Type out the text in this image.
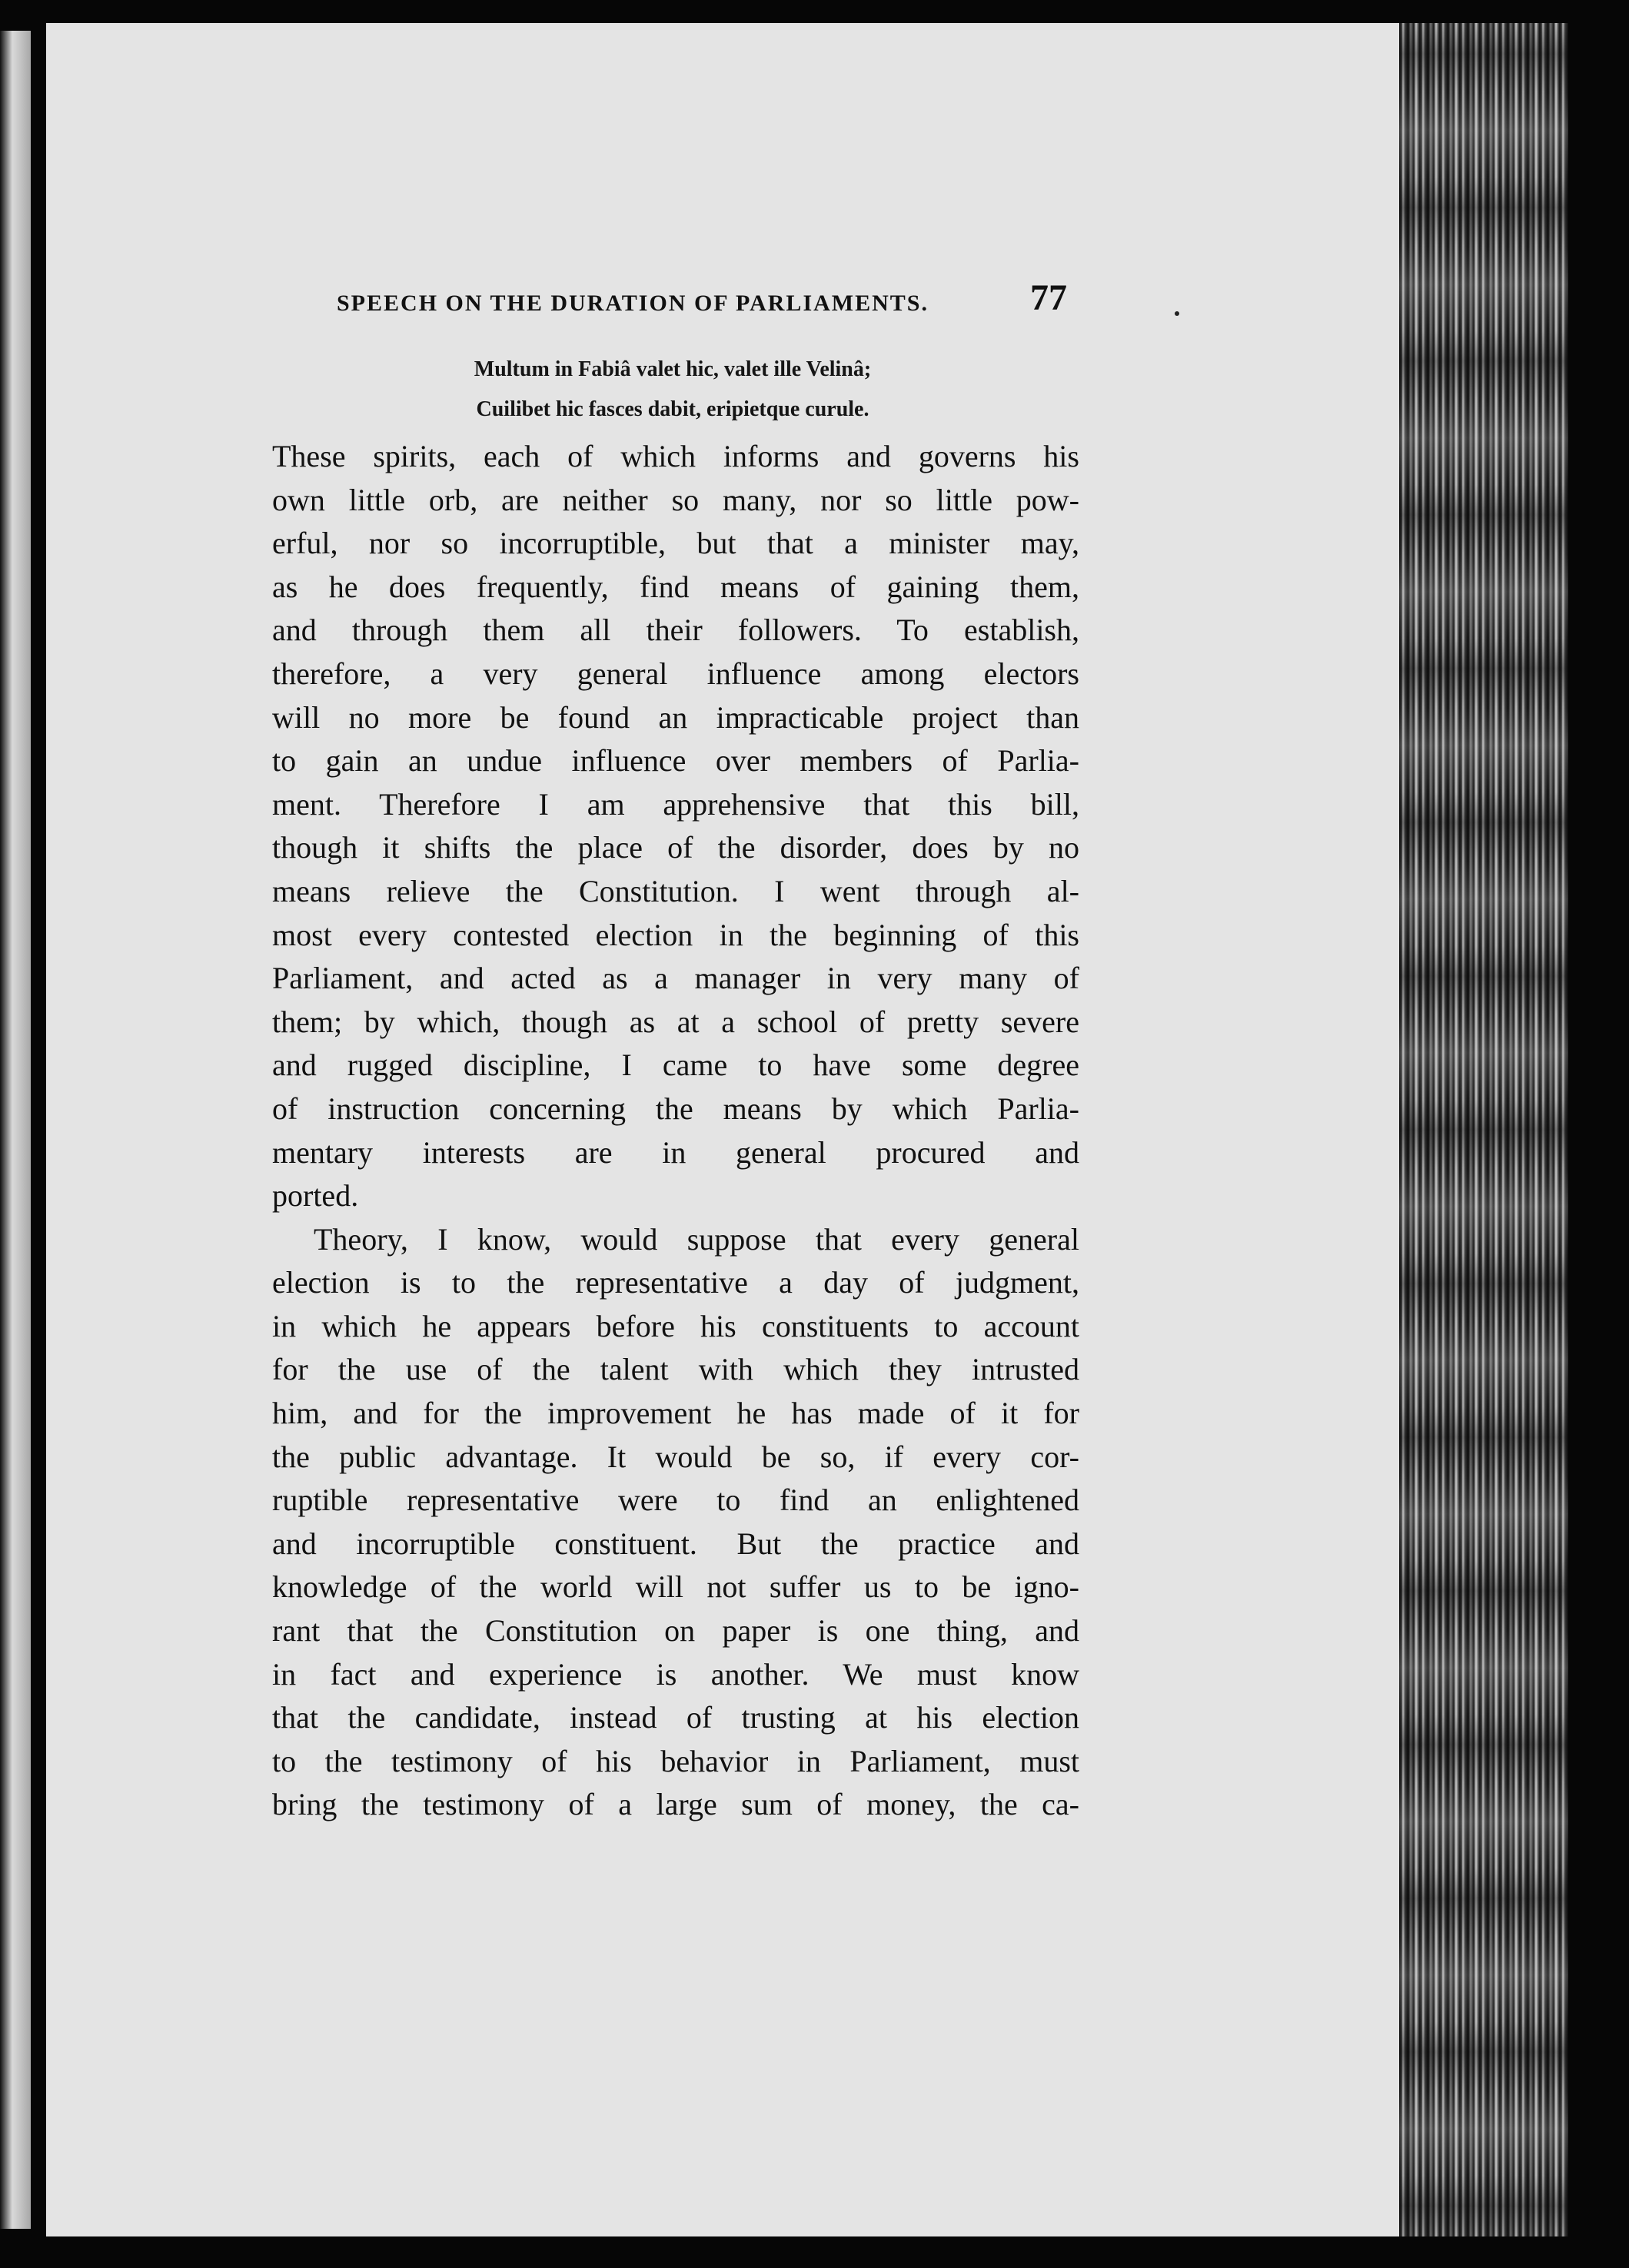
SPEECH ON THE DURATION OF PARLIAMENTS.	77
Multum in Fabiâ valet hic, valet ille Velinâ;
Cuilibet hic fasces dabit, eripietque curule.

These spirits, each of which informs and governs his
own little orb, are neither so many, nor so little pow-
erful, nor so incorruptible, but that a minister may,
as he does frequently, find means of gaining them,
and through them all their followers. To establish,
therefore, a very general influence among electors
will no more be found an impracticable project than
to gain an undue influence over members of Parlia-
ment. Therefore I am apprehensive that this bill,
though it shifts the place of the disorder, does by no
means relieve the Constitution. I went through al-
most every contested election in the beginning of this
Parliament, and acted as a manager in very many of
them; by which, though as at a school of pretty severe
and rugged discipline, I came to have some degree
of instruction concerning the means by which Parlia-
mentary interests are in general procured and
ported.

Theory, I know, would suppose that every general
election is to the representative a day of judgment,
in which he appears before his constituents to account
for the use of the talent with which they intrusted
him, and for the improvement he has made of it for
the public advantage. It would be so, if every cor-
ruptible representative were to find an enlightened
and incorruptible constituent. But the practice and
knowledge of the world will not suffer us to be igno-
rant that the Constitution on paper is one thing, and
in fact and experience is another. We must know
that the candidate, instead of trusting at his election
to the testimony of his behavior in Parliament, must
bring the testimony of a large sum of money, the ca-
